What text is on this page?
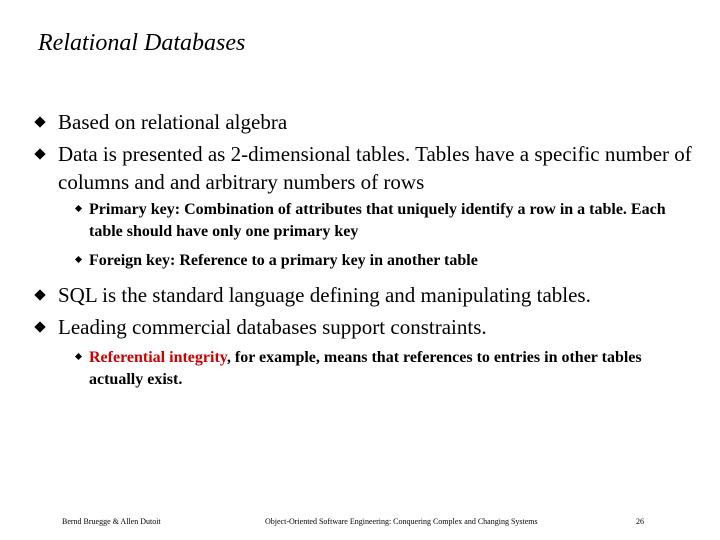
Relational Databases
Based on relational algebra
Data is presented as 2-dimensional tables. Tables have a specific number of columns and and arbitrary numbers of rows
Primary key: Combination of attributes that uniquely identify a row in a table. Each table should have only one primary key
Foreign key: Reference to a primary key in another table
SQL is the standard language defining and manipulating tables.
Leading commercial databases support constraints.
Referential integrity, for example, means that references to entries in other tables actually exist.
Bernd Bruegge & Allen Dutoit	Object-Oriented Software Engineering: Conquering Complex and Changing Systems	26
